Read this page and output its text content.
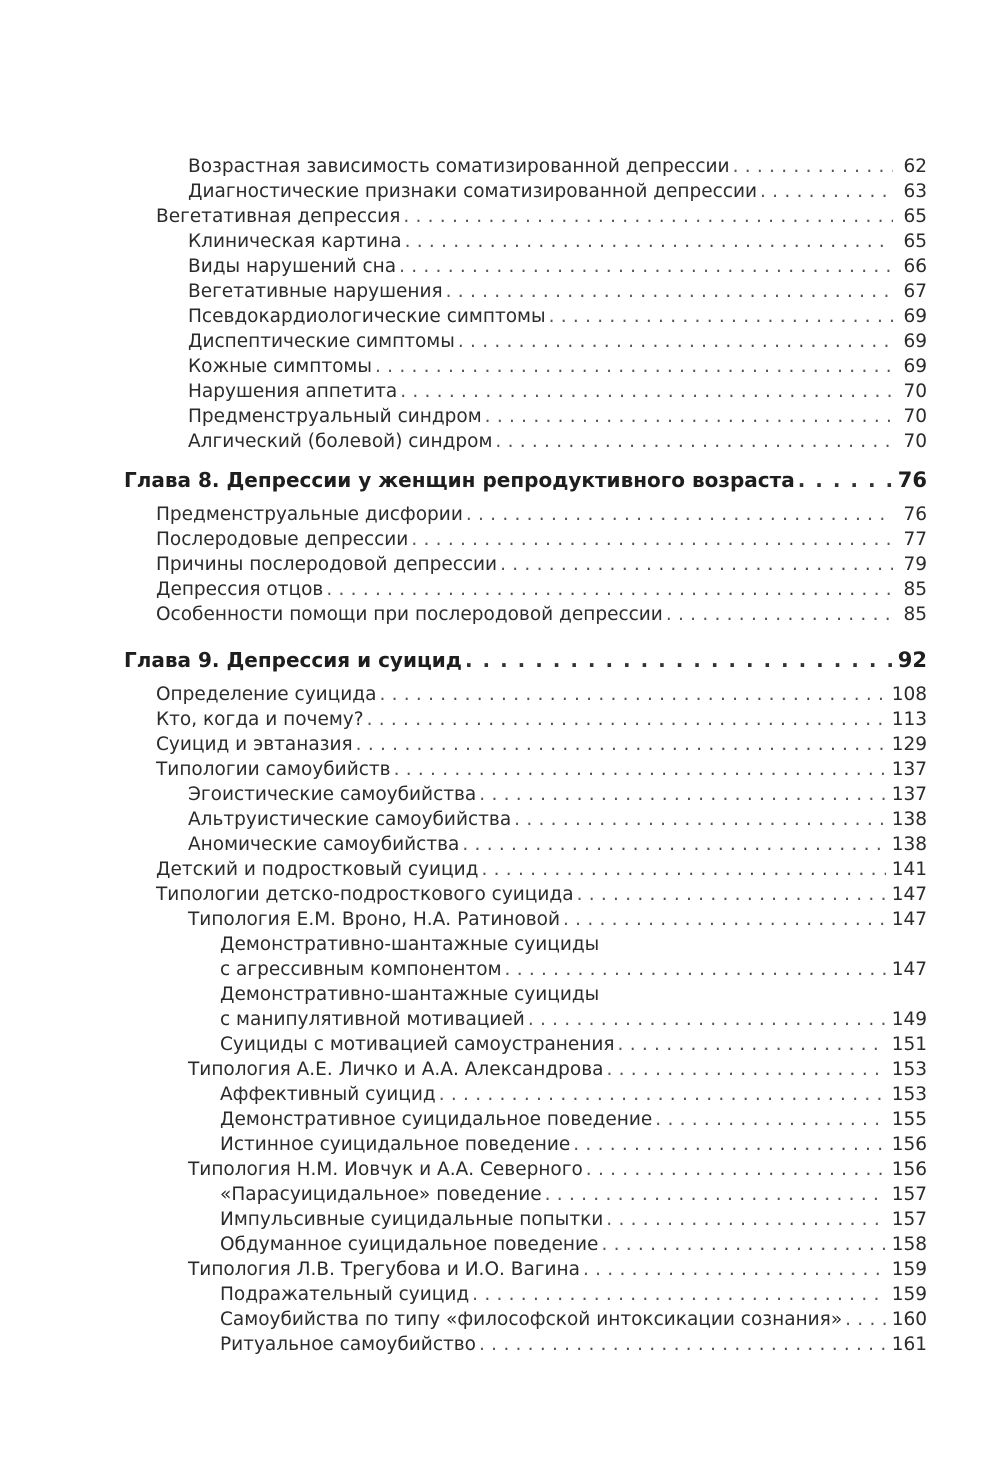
Возрастная зависимость соматизированной депрессии . . .	62
Диагностические признаки соматизированной депрессии . . .	63
Вегетативная депрессия . . .	65
Клиническая картина . . .	65
Виды нарушений сна . . .	66
Вегетативные нарушения . . .	67
Псевдокардиологические симптомы . . .	69
Диспептические симптомы . . .	69
Кожные симптомы . . .	69
Нарушения аппетита . . .	70
Предменструальный синдром . . .	70
Алгический (болевой) синдром . . .	70
Глава 8. Депрессии у женщин репродуктивного возраста . . .	76
Предменструальные дисфории . . .	76
Послеродовые депрессии . . .	77
Причины послеродовой депрессии . . .	79
Депрессия отцов . . .	85
Особенности помощи при послеродовой депрессии . . .	85
Глава 9. Депрессия и суицид . . .	92
Определение суицида . . .	108
Кто, когда и почему? . . .	113
Суицид и эвтаназия . . .	129
Типологии самоубийств . . .	137
Эгоистические самоубийства . . .	137
Альтруистические самоубийства . . .	138
Аномические самоубийства . . .	138
Детский и подростковый суицид . . .	141
Типологии детско-подросткового суицида . . .	147
Типология Е.М. Вроно, Н.А. Ратиновой . . .	147
Демонстративно-шантажные суициды
с агрессивным компонентом . . .	147
Демонстративно-шантажные суициды
с манипулятивной мотивацией . . .	149
Суициды с мотивацией самоустранения . . .	151
Типология А.Е. Личко и А.А. Александрова . . .	153
Аффективный суицид . . .	153
Демонстративное суицидальное поведение . . .	155
Истинное суицидальное поведение . . .	156
Типология Н.М. Иовчук и А.А. Северного . . .	156
«Парасуицидальное» поведение . . .	157
Импульсивные суицидальные попытки . . .	157
Обдуманное суицидальное поведение . . .	158
Типология Л.В. Трегубова и И.О. Вагина . . .	159
Подражательный суицид . . .	159
Самоубийства по типу «философской интоксикации сознания» . . .	160
Ритуальное самоубийство . . .	161
